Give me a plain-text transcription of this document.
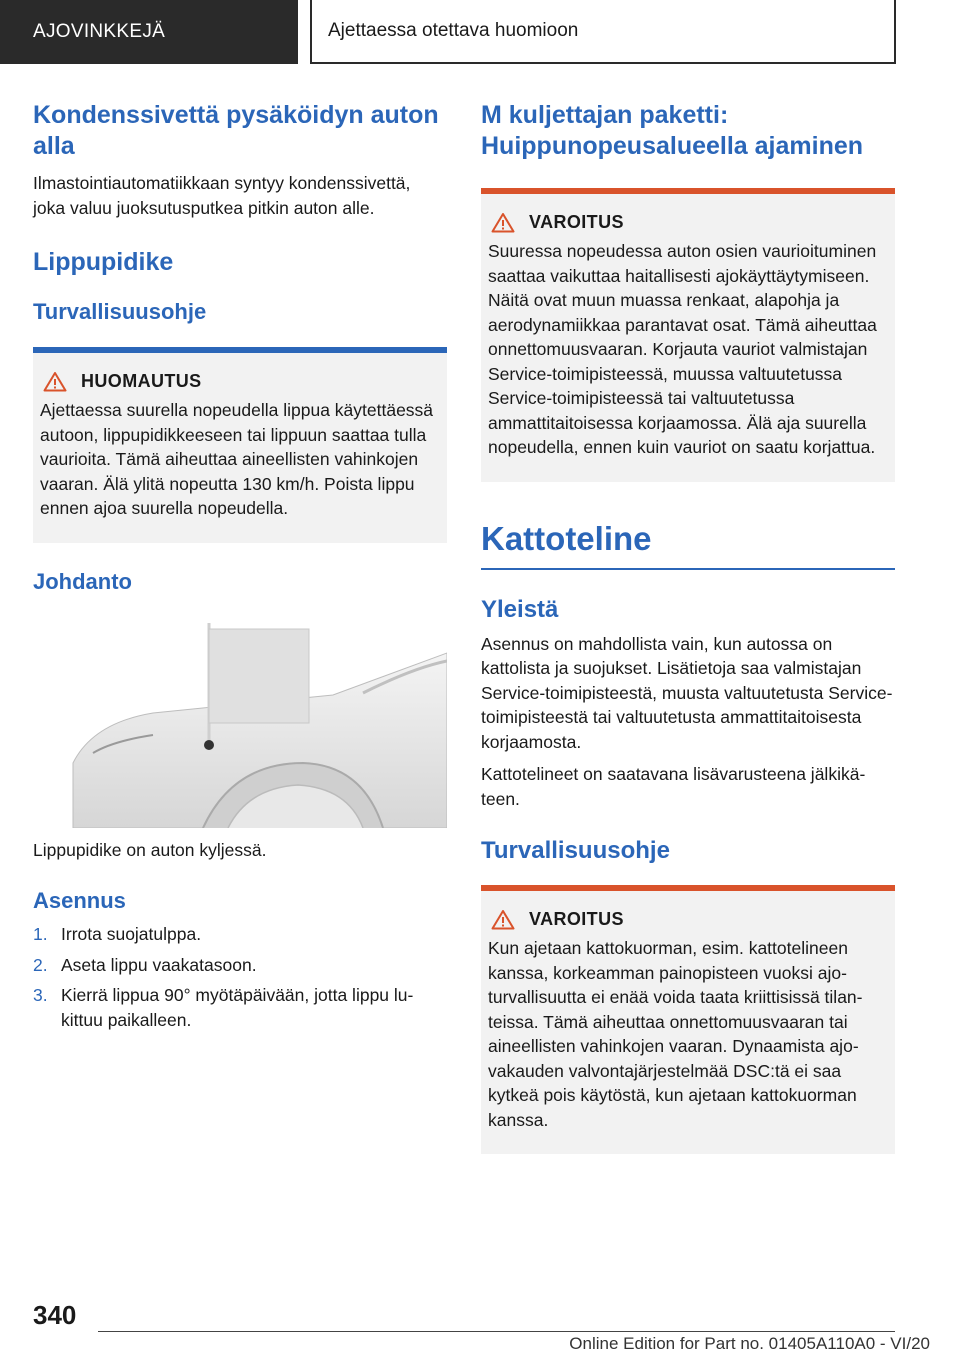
AJOVINKKEJÄ	Ajettaessa otettava huomioon
Kondenssivettä pysäköidyn auton alla

Ilmastointiautomatiikkaan syntyy kondenssivettä, joka valuu juoksutusputkea pitkin auton alle.

Lippupidike
Turvallisuusohje
HUOMAUTUS

Ajettaessa suurella nopeudella lippua käytettäessä autoon, lippupidikkeeseen tai lippuun saattaa tulla vaurioita. Tämä aiheuttaa aineellisten vahinkojen vaaran. Älä ylitä nopeutta 130 km/h. Poista lippu ennen ajoa suurella nopeudella.

Johdanto

Lippupidike on auton kyljessä.

Asennus
1. Irrota suojatulppa.
2. Aseta lippu vaakatasoon.
3. Kierrä lippua 90° myötäpäivään, jotta lippu lukittuu paikalleen.
M kuljettajan paketti: Huippunopeusalueella ajaminen
VAROITUS

Suuressa nopeudessa auton osien vaurioituminen saattaa vaikuttaa haitallisesti ajokäyttäytymiseen. Näitä ovat muun muassa renkaat, alapohja ja aerodynamiikkaa parantavat osat. Tämä aiheuttaa onnettomuusvaaran. Korjauta vauriot valmistajan Service-toimipisteessä, muussa valtuutetussa Service-toimipisteessä tai valtuutetussa ammattitaitoisessa korjaamossa. Älä aja suurella nopeudella, ennen kuin vauriot on saatu korjattua.

Kattoteline
Yleistä

Asennus on mahdollista vain, kun autossa on kattolista ja suojukset. Lisätietoja saa valmistajan Service-toimipisteestä, muusta valtuutetusta Service-toimipisteestä tai valtuutetusta ammattitaitoisesta korjaamosta.

Kattotelineet on saatavana lisävarusteena jälkikäteen.

Turvallisuusohje
VAROITUS

Kun ajetaan kattokuorman, esim. kattotelineen kanssa, korkeamman painopisteen vuoksi ajoturvallisuutta ei enää voida taata kriittisissä tilanteissa. Tämä aiheuttaa onnettomuusvaaran tai aineellisten vahinkojen vaaran. Dynaamista ajovakauden valvontajärjestelmää DSC:tä ei saa kytkeä pois käytöstä, kun ajetaan kattokuorman kanssa.

340
Online Edition for Part no. 01405A110A0 - VI/20
